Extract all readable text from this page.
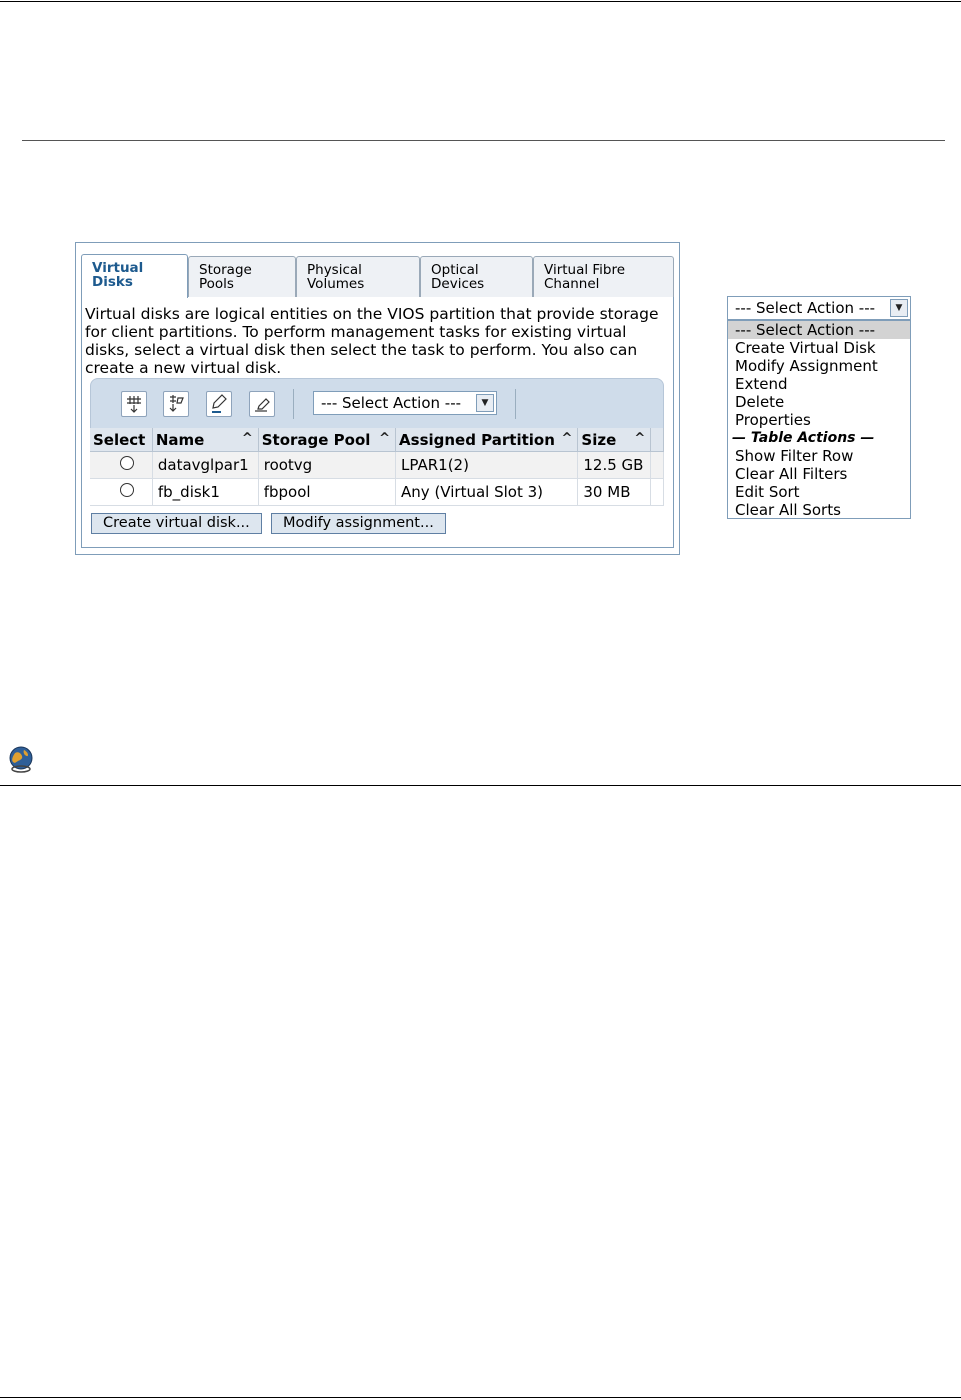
Virtual
Disks
Storage
Pools
Physical
Volumes
Optical
Devices
Virtual Fibre
Channel
Virtual disks are logical entities on the VIOS partition that provide storage for client partitions. To perform management tasks for existing virtual disks, select a virtual disk then select the task to perform. You also can create a new virtual disk.
--- Select Action ---	▼
Select	Name ^	Storage Pool ^	Assigned Partition ^	Size ^	

	datavglpar1	rootvg	LPAR1(2)	12.5 GB	
	fb_disk1	fbpool	Any (Virtual Slot 3)	30 MB	
Create virtual disk...	Modify assignment...
--- Select Action ---	▼
--- Select Action ---
Create Virtual Disk
Modify Assignment
Extend
Delete
Properties
— Table Actions —
Show Filter Row
Clear All Filters
Edit Sort
Clear All Sorts
